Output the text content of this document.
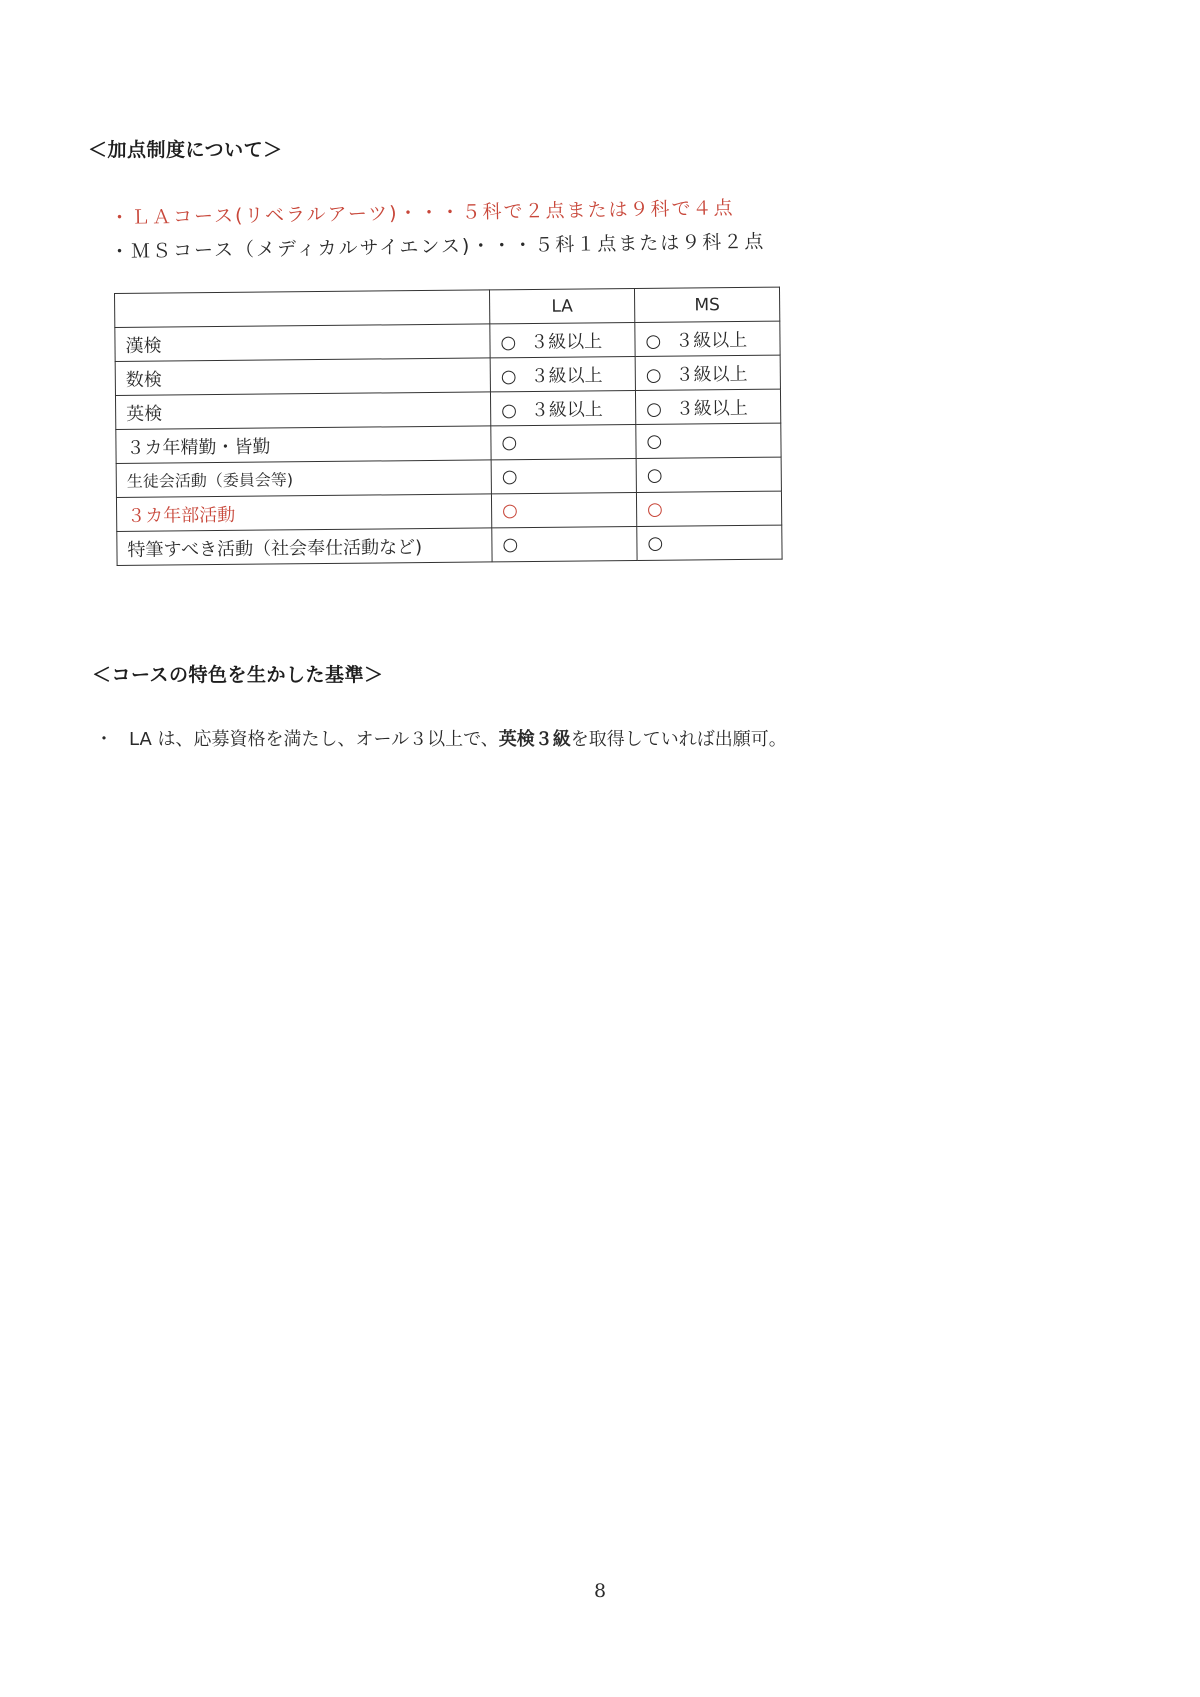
＜加点制度について＞
・ＬＡコース(リベラルアーツ)・・・５科で２点または９科で４点
・ＭＳコース（メディカルサイエンス)・・・５科１点または９科２点
	LA	MS
漢検	○ ３級以上	○ ３級以上
数検	○ ３級以上	○ ３級以上
英検	○ ３級以上	○ ３級以上
３カ年精勤・皆勤	○	○
生徒会活動（委員会等)	○	○
３カ年部活動	○	○
特筆すべき活動（社会奉仕活動など)	○	○
＜コースの特色を生かした基準＞
・ LA は、応募資格を満たし、オール３以上で、英検３級を取得していれば出願可。
8
